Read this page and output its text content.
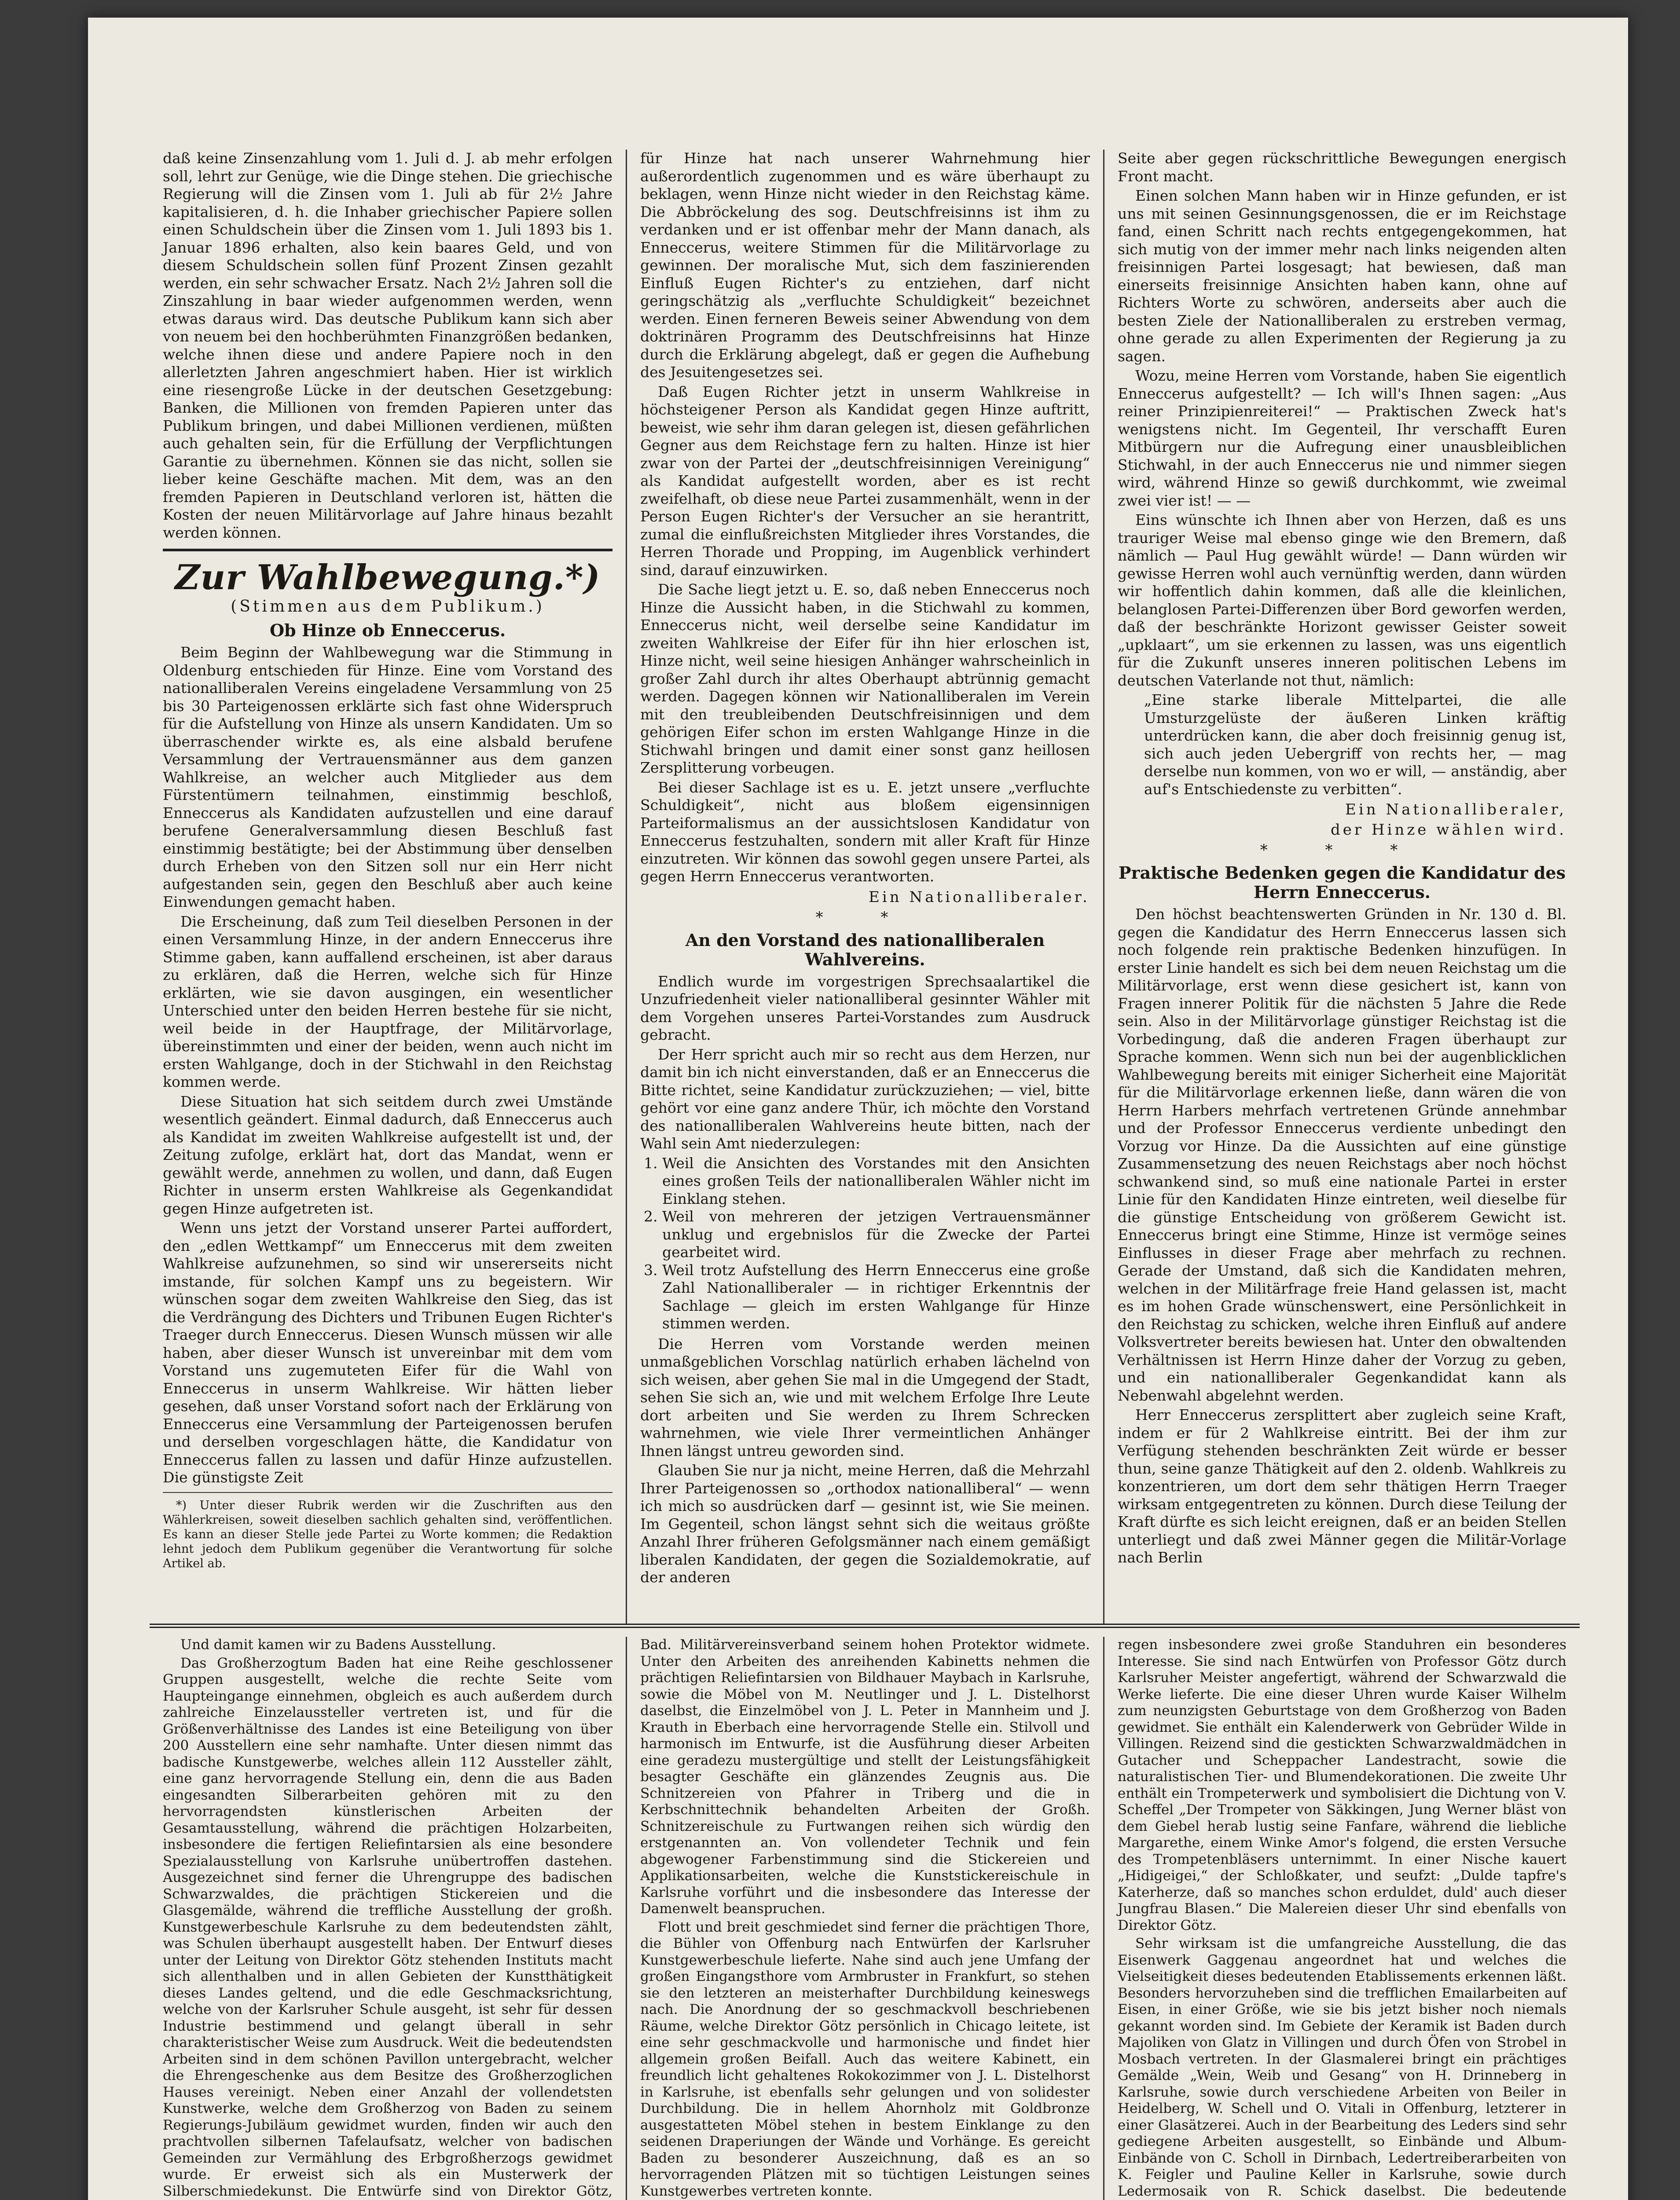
daß keine Zinsenzahlung vom 1. Juli d. J. ab mehr erfolgen soll, lehrt zur Genüge, wie die Dinge stehen. Die griechische Regierung will die Zinsen vom 1. Juli ab für 2½ Jahre kapitalisieren, d. h. die Inhaber griechischer Papiere sollen einen Schuldschein über die Zinsen vom 1. Juli 1893 bis 1. Januar 1896 erhalten, also kein baares Geld, und von diesem Schuldschein sollen fünf Prozent Zinsen gezahlt werden, ein sehr schwacher Ersatz. Nach 2½ Jahren soll die Zinszahlung in baar wieder aufgenommen werden, wenn etwas daraus wird. Das deutsche Publikum kann sich aber von neuem bei den hochberühmten Finanzgrößen bedanken, welche ihnen diese und andere Papiere noch in den allerletzten Jahren angeschmiert haben. Hier ist wirklich eine riesengroße Lücke in der deutschen Gesetzgebung: Banken, die Millionen von fremden Papieren unter das Publikum bringen, und dabei Millionen verdienen, müßten auch gehalten sein, für die Erfüllung der Verpflichtungen Garantie zu übernehmen. Können sie das nicht, sollen sie lieber keine Geschäfte machen. Mit dem, was an den fremden Papieren in Deutschland verloren ist, hätten die Kosten der neuen Militärvorlage auf Jahre hinaus bezahlt werden können.

Zur Wahlbewegung.*)
(Stimmen aus dem Publikum.)
Ob Hinze ob Enneccerus.

Beim Beginn der Wahlbewegung war die Stimmung in Oldenburg entschieden für Hinze. Eine vom Vorstand des nationalliberalen Vereins eingeladene Versammlung von 25 bis 30 Parteigenossen erklärte sich fast ohne Widerspruch für die Aufstellung von Hinze als unsern Kandidaten. Um so überraschender wirkte es, als eine alsbald berufene Versammlung der Vertrauensmänner aus dem ganzen Wahlkreise, an welcher auch Mitglieder aus dem Fürstentümern teilnahmen, einstimmig beschloß, Enneccerus als Kandidaten aufzustellen und eine darauf berufene Generalversammlung diesen Beschluß fast einstimmig bestätigte; bei der Abstimmung über denselben durch Erheben von den Sitzen soll nur ein Herr nicht aufgestanden sein, gegen den Beschluß aber auch keine Einwendungen gemacht haben.

Die Erscheinung, daß zum Teil dieselben Personen in der einen Versammlung Hinze, in der andern Enneccerus ihre Stimme gaben, kann auffallend erscheinen, ist aber daraus zu erklären, daß die Herren, welche sich für Hinze erklärten, wie sie davon ausgingen, ein wesentlicher Unterschied unter den beiden Herren bestehe für sie nicht, weil beide in der Hauptfrage, der Militärvorlage, übereinstimmten und einer der beiden, wenn auch nicht im ersten Wahlgange, doch in der Stichwahl in den Reichstag kommen werde.

Diese Situation hat sich seitdem durch zwei Umstände wesentlich geändert. Einmal dadurch, daß Enneccerus auch als Kandidat im zweiten Wahlkreise aufgestellt ist und, der Zeitung zufolge, erklärt hat, dort das Mandat, wenn er gewählt werde, annehmen zu wollen, und dann, daß Eugen Richter in unserm ersten Wahlkreise als Gegenkandidat gegen Hinze aufgetreten ist.

Wenn uns jetzt der Vorstand unserer Partei auffordert, den „edlen Wettkampf“ um Enneccerus mit dem zweiten Wahlkreise aufzunehmen, so sind wir unsererseits nicht imstande, für solchen Kampf uns zu begeistern. Wir wünschen sogar dem zweiten Wahlkreise den Sieg, das ist die Verdrängung des Dichters und Tribunen Eugen Richter's Traeger durch Enneccerus. Diesen Wunsch müssen wir alle haben, aber dieser Wunsch ist unvereinbar mit dem vom Vorstand uns zugemuteten Eifer für die Wahl von Enneccerus in unserm Wahlkreise. Wir hätten lieber gesehen, daß unser Vorstand sofort nach der Erklärung von Enneccerus eine Versammlung der Parteigenossen berufen und derselben vorgeschlagen hätte, die Kandidatur von Enneccerus fallen zu lassen und dafür Hinze aufzustellen. Die günstigste Zeit

*) Unter dieser Rubrik werden wir die Zuschriften aus den Wählerkreisen, soweit dieselben sachlich gehalten sind, veröffentlichen. Es kann an dieser Stelle jede Partei zu Worte kommen; die Redaktion lehnt jedoch dem Publikum gegenüber die Verantwortung für solche Artikel ab.

für Hinze hat nach unserer Wahrnehmung hier außerordentlich zugenommen und es wäre überhaupt zu beklagen, wenn Hinze nicht wieder in den Reichstag käme. Die Abbröckelung des sog. Deutschfreisinns ist ihm zu verdanken und er ist offenbar mehr der Mann danach, als Enneccerus, weitere Stimmen für die Militärvorlage zu gewinnen. Der moralische Mut, sich dem faszinierenden Einfluß Eugen Richter's zu entziehen, darf nicht geringschätzig als „verfluchte Schuldigkeit“ bezeichnet werden. Einen ferneren Beweis seiner Abwendung von dem doktrinären Programm des Deutschfreisinns hat Hinze durch die Erklärung abgelegt, daß er gegen die Aufhebung des Jesuitengesetzes sei.

Daß Eugen Richter jetzt in unserm Wahlkreise in höchsteigener Person als Kandidat gegen Hinze auftritt, beweist, wie sehr ihm daran gelegen ist, diesen gefährlichen Gegner aus dem Reichstage fern zu halten. Hinze ist hier zwar von der Partei der „deutschfreisinnigen Vereinigung“ als Kandidat aufgestellt worden, aber es ist recht zweifelhaft, ob diese neue Partei zusammenhält, wenn in der Person Eugen Richter's der Versucher an sie herantritt, zumal die einflußreichsten Mitglieder ihres Vorstandes, die Herren Thorade und Propping, im Augenblick verhindert sind, darauf einzuwirken.

Die Sache liegt jetzt u. E. so, daß neben Enneccerus noch Hinze die Aussicht haben, in die Stichwahl zu kommen, Enneccerus nicht, weil derselbe seine Kandidatur im zweiten Wahlkreise der Eifer für ihn hier erloschen ist, Hinze nicht, weil seine hiesigen Anhänger wahrscheinlich in großer Zahl durch ihr altes Oberhaupt abtrünnig gemacht werden. Dagegen können wir Nationalliberalen im Verein mit den treubleibenden Deutschfreisinnigen und dem gehörigen Eifer schon im ersten Wahlgange Hinze in die Stichwahl bringen und damit einer sonst ganz heillosen Zersplitterung vorbeugen.

Bei dieser Sachlage ist es u. E. jetzt unsere „verfluchte Schuldigkeit“, nicht aus bloßem eigensinnigen Parteiformalismus an der aussichtslosen Kandidatur von Enneccerus festzuhalten, sondern mit aller Kraft für Hinze einzutreten. Wir können das sowohl gegen unsere Partei, als gegen Herrn Enneccerus verantworten.

Ein Nationalliberaler.
* *
An den Vorstand des nationalliberalen Wahlvereins.

Endlich wurde im vorgestrigen Sprechsaalartikel die Unzufriedenheit vieler nationalliberal gesinnter Wähler mit dem Vorgehen unseres Partei-Vorstandes zum Ausdruck gebracht.

Der Herr spricht auch mir so recht aus dem Herzen, nur damit bin ich nicht einverstanden, daß er an Enneccerus die Bitte richtet, seine Kandidatur zurückzuziehen; — viel, bitte gehört vor eine ganz andere Thür, ich möchte den Vorstand des nationalliberalen Wahlvereins heute bitten, nach der Wahl sein Amt niederzulegen:

1. Weil die Ansichten des Vorstandes mit den Ansichten eines großen Teils der nationalliberalen Wähler nicht im Einklang stehen.
2. Weil von mehreren der jetzigen Vertrauensmänner unklug und ergebnislos für die Zwecke der Partei gearbeitet wird.
3. Weil trotz Aufstellung des Herrn Enneccerus eine große Zahl Nationalliberaler — in richtiger Erkenntnis der Sachlage — gleich im ersten Wahlgange für Hinze stimmen werden.

Die Herren vom Vorstande werden meinen unmaßgeblichen Vorschlag natürlich erhaben lächelnd von sich weisen, aber gehen Sie mal in die Umgegend der Stadt, sehen Sie sich an, wie und mit welchem Erfolge Ihre Leute dort arbeiten und Sie werden zu Ihrem Schrecken wahrnehmen, wie viele Ihrer vermeintlichen Anhänger Ihnen längst untreu geworden sind.

Glauben Sie nur ja nicht, meine Herren, daß die Mehrzahl Ihrer Parteigenossen so „orthodox nationalliberal“ — wenn ich mich so ausdrücken darf — gesinnt ist, wie Sie meinen. Im Gegenteil, schon längst sehnt sich die weitaus größte Anzahl Ihrer früheren Gefolgsmänner nach einem gemäßigt liberalen Kandidaten, der gegen die Sozialdemokratie, auf der anderen

Seite aber gegen rückschrittliche Bewegungen energisch Front macht.

Einen solchen Mann haben wir in Hinze gefunden, er ist uns mit seinen Gesinnungsgenossen, die er im Reichstage fand, einen Schritt nach rechts entgegengekommen, hat sich mutig von der immer mehr nach links neigenden alten freisinnigen Partei losgesagt; hat bewiesen, daß man einerseits freisinnige Ansichten haben kann, ohne auf Richters Worte zu schwören, anderseits aber auch die besten Ziele der Nationalliberalen zu erstreben vermag, ohne gerade zu allen Experimenten der Regierung ja zu sagen.

Wozu, meine Herren vom Vorstande, haben Sie eigentlich Enneccerus aufgestellt? — Ich will's Ihnen sagen: „Aus reiner Prinzipienreiterei!“ — Praktischen Zweck hat's wenigstens nicht. Im Gegenteil, Ihr verschafft Euren Mitbürgern nur die Aufregung einer unausbleiblichen Stichwahl, in der auch Enneccerus nie und nimmer siegen wird, während Hinze so gewiß durchkommt, wie zweimal zwei vier ist! — —

Eins wünschte ich Ihnen aber von Herzen, daß es uns trauriger Weise mal ebenso ginge wie den Bremern, daß nämlich — Paul Hug gewählt würde! — Dann würden wir gewisse Herren wohl auch vernünftig werden, dann würden wir hoffentlich dahin kommen, daß alle die kleinlichen, belanglosen Partei-Differenzen über Bord geworfen werden, daß der beschränkte Horizont gewisser Geister soweit „upklaart“, um sie erkennen zu lassen, was uns eigentlich für die Zukunft unseres inneren politischen Lebens im deutschen Vaterlande not thut, nämlich:

„Eine starke liberale Mittelpartei, die alle Umsturzgelüste der äußeren Linken kräftig unterdrücken kann, die aber doch freisinnig genug ist, sich auch jeden Uebergriff von rechts her, — mag derselbe nun kommen, von wo er will, — anständig, aber auf's Entschiedenste zu verbitten“.

Ein Nationalliberaler,
der Hinze wählen wird.
* * *
Praktische Bedenken gegen die Kandidatur des Herrn Enneccerus.

Den höchst beachtenswerten Gründen in Nr. 130 d. Bl. gegen die Kandidatur des Herrn Enneccerus lassen sich noch folgende rein praktische Bedenken hinzufügen. In erster Linie handelt es sich bei dem neuen Reichstag um die Militärvorlage, erst wenn diese gesichert ist, kann von Fragen innerer Politik für die nächsten 5 Jahre die Rede sein. Also in der Militärvorlage günstiger Reichstag ist die Vorbedingung, daß die anderen Fragen überhaupt zur Sprache kommen. Wenn sich nun bei der augenblicklichen Wahlbewegung bereits mit einiger Sicherheit eine Majorität für die Militärvorlage erkennen ließe, dann wären die von Herrn Harbers mehrfach vertretenen Gründe annehmbar und der Professor Enneccerus verdiente unbedingt den Vorzug vor Hinze. Da die Aussichten auf eine günstige Zusammensetzung des neuen Reichstags aber noch höchst schwankend sind, so muß eine nationale Partei in erster Linie für den Kandidaten Hinze eintreten, weil dieselbe für die günstige Entscheidung von größerem Gewicht ist. Enneccerus bringt eine Stimme, Hinze ist vermöge seines Einflusses in dieser Frage aber mehrfach zu rechnen. Gerade der Umstand, daß sich die Kandidaten mehren, welchen in der Militärfrage freie Hand gelassen ist, macht es im hohen Grade wünschenswert, eine Persönlichkeit in den Reichstag zu schicken, welche ihren Einfluß auf andere Volksvertreter bereits bewiesen hat. Unter den obwaltenden Verhältnissen ist Herrn Hinze daher der Vorzug zu geben, und ein nationalliberaler Gegenkandidat kann als Nebenwahl abgelehnt werden.

Herr Enneccerus zersplittert aber zugleich seine Kraft, indem er für 2 Wahlkreise eintritt. Bei der ihm zur Verfügung stehenden beschränkten Zeit würde er besser thun, seine ganze Thätigkeit auf den 2. oldenb. Wahlkreis zu konzentrieren, um dort dem sehr thätigen Herrn Traeger wirksam entgegentreten zu können. Durch diese Teilung der Kraft dürfte es sich leicht ereignen, daß er an beiden Stellen unterliegt und daß zwei Männer gegen die Militär-Vorlage nach Berlin

Und damit kamen wir zu Badens Ausstellung.

Das Großherzogtum Baden hat eine Reihe geschlossener Gruppen ausgestellt, welche die rechte Seite vom Haupteingange einnehmen, obgleich es auch außerdem durch zahlreiche Einzelaussteller vertreten ist, und für die Größenverhältnisse des Landes ist eine Beteiligung von über 200 Ausstellern eine sehr namhafte. Unter diesen nimmt das badische Kunstgewerbe, welches allein 112 Aussteller zählt, eine ganz hervorragende Stellung ein, denn die aus Baden eingesandten Silberarbeiten gehören mit zu den hervorragendsten künstlerischen Arbeiten der Gesamtausstellung, während die prächtigen Holzarbeiten, insbesondere die fertigen Reliefintarsien als eine besondere Spezialausstellung von Karlsruhe unübertroffen dastehen. Ausgezeichnet sind ferner die Uhrengruppe des badischen Schwarzwaldes, die prächtigen Stickereien und die Glasgemälde, während die treffliche Ausstellung der großh. Kunstgewerbeschule Karlsruhe zu dem bedeutendsten zählt, was Schulen überhaupt ausgestellt haben. Der Entwurf dieses unter der Leitung von Direktor Götz stehenden Instituts macht sich allenthalben und in allen Gebieten der Kunstthätigkeit dieses Landes geltend, und die edle Geschmacksrichtung, welche von der Karlsruher Schule ausgeht, ist sehr für dessen Industrie bestimmend und gelangt überall in sehr charakteristischer Weise zum Ausdruck. Weit die bedeutendsten Arbeiten sind in dem schönen Pavillon untergebracht, welcher die Ehrengeschenke aus dem Besitze des Großherzoglichen Hauses vereinigt. Neben einer Anzahl der vollendetsten Kunstwerke, welche dem Großherzog von Baden zu seinem Regierungs-Jubiläum gewidmet wurden, finden wir auch den prachtvollen silbernen Tafelaufsatz, welcher von badischen Gemeinden zur Vermählung des Erbgroßherzogs gewidmet wurde. Er erweist sich als ein Musterwerk der Silberschmiedekunst. Die Entwürfe sind von Direktor Götz,

Bad. Militärvereinsverband seinem hohen Protektor widmete. Unter den Arbeiten des anreihenden Kabinetts nehmen die prächtigen Reliefintarsien von Bildhauer Maybach in Karlsruhe, sowie die Möbel von M. Neutlinger und J. L. Distelhorst daselbst, die Einzelmöbel von J. L. Peter in Mannheim und J. Krauth in Eberbach eine hervorragende Stelle ein. Stilvoll und harmonisch im Entwurfe, ist die Ausführung dieser Arbeiten eine geradezu mustergültige und stellt der Leistungsfähigkeit besagter Geschäfte ein glänzendes Zeugnis aus. Die Schnitzereien von Pfahrer in Triberg und die in Kerbschnittechnik behandelten Arbeiten der Großh. Schnitzereischule zu Furtwangen reihen sich würdig den erstgenannten an. Von vollendeter Technik und fein abgewogener Farbenstimmung sind die Stickereien und Applikationsarbeiten, welche die Kunststickereischule in Karlsruhe vorführt und die insbesondere das Interesse der Damenwelt beanspruchen.

Flott und breit geschmiedet sind ferner die prächtigen Thore, die Bühler von Offenburg nach Entwürfen der Karlsruher Kunstgewerbeschule lieferte. Nahe sind auch jene Umfang der großen Eingangsthore vom Armbruster in Frankfurt, so stehen sie den letzteren an meisterhafter Durchbildung keineswegs nach. Die Anordnung der so geschmackvoll beschriebenen Räume, welche Direktor Götz persönlich in Chicago leitete, ist eine sehr geschmackvolle und harmonische und findet hier allgemein großen Beifall. Auch das weitere Kabinett, ein freundlich licht gehaltenes Rokokozimmer von J. L. Distelhorst in Karlsruhe, ist ebenfalls sehr gelungen und von solidester Durchbildung. Die in hellem Ahornholz mit Goldbronze ausgestatteten Möbel stehen in bestem Einklange zu den seidenen Draperiungen der Wände und Vorhänge. Es gereicht Baden zu besonderer Auszeichnung, daß es an so hervorragenden Plätzen mit so tüchtigen Leistungen seines Kunstgewerbes vertreten konnte.

regen insbesondere zwei große Standuhren ein besonderes Interesse. Sie sind nach Entwürfen von Professor Götz durch Karlsruher Meister angefertigt, während der Schwarzwald die Werke lieferte. Die eine dieser Uhren wurde Kaiser Wilhelm zum neunzigsten Geburtstage von dem Großherzog von Baden gewidmet. Sie enthält ein Kalenderwerk von Gebrüder Wilde in Villingen. Reizend sind die gestickten Schwarzwaldmädchen in Gutacher und Scheppacher Landestracht, sowie die naturalistischen Tier- und Blumendekorationen. Die zweite Uhr enthält ein Trompeterwerk und symbolisiert die Dichtung von V. Scheffel „Der Trompeter von Säkkingen, Jung Werner bläst von dem Giebel herab lustig seine Fanfare, während die liebliche Margarethe, einem Winke Amor's folgend, die ersten Versuche des Trompetenbläsers unternimmt. In einer Nische kauert „Hidigeigei,“ der Schloßkater, und seufzt: „Dulde tapfre's Katerherze, daß so manches schon erduldet, duld' auch dieser Jungfrau Blasen.“ Die Malereien dieser Uhr sind ebenfalls von Direktor Götz.

Sehr wirksam ist die umfangreiche Ausstellung, die das Eisenwerk Gaggenau angeordnet hat und welches die Vielseitigkeit dieses bedeutenden Etablissements erkennen läßt. Besonders hervorzuheben sind die trefflichen Emailarbeiten auf Eisen, in einer Größe, wie sie bis jetzt bisher noch niemals gekannt worden sind. Im Gebiete der Keramik ist Baden durch Majoliken von Glatz in Villingen und durch Öfen von Strobel in Mosbach vertreten. In der Glasmalerei bringt ein prächtiges Gemälde „Wein, Weib und Gesang“ von H. Drinneberg in Karlsruhe, sowie durch verschiedene Arbeiten von Beiler in Heidelberg, W. Schell und O. Vitali in Offenburg, letzterer in einer Glasätzerei. Auch in der Bearbeitung des Leders sind sehr gediegene Arbeiten ausgestellt, so Einbände und Album-Einbände von C. Scholl in Dirnbach, Ledertreiberarbeiten von K. Feigler und Pauline Keller in Karlsruhe, sowie durch Ledermosaik von R. Schick daselbst. Die bedeutende
